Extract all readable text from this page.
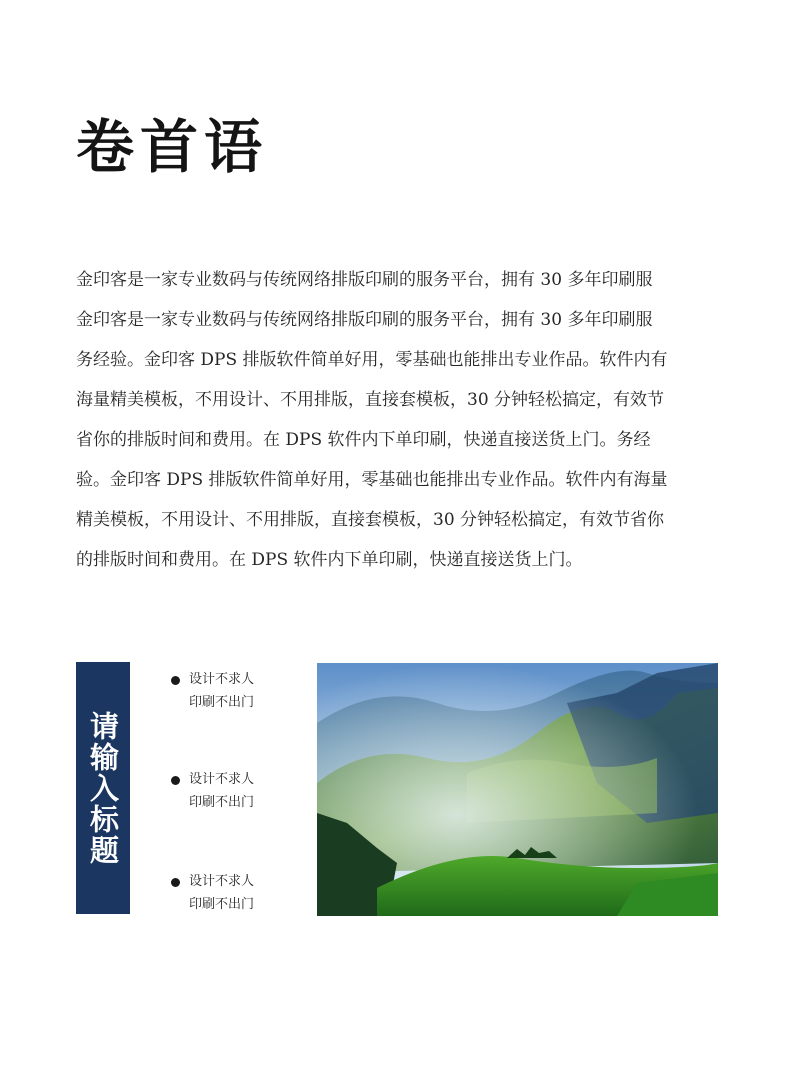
卷首语
金印客是一家专业数码与传统网络排版印刷的服务平台，拥有 30 多年印刷服
金印客是一家专业数码与传统网络排版印刷的服务平台，拥有 30 多年印刷服
务经验。金印客 DPS 排版软件简单好用，零基础也能排出专业作品。软件内有
海量精美模板，不用设计、不用排版，直接套模板，30 分钟轻松搞定，有效节
省你的排版时间和费用。在 DPS 软件内下单印刷，快递直接送货上门。务经
验。金印客 DPS 排版软件简单好用，零基础也能排出专业作品。软件内有海量
精美模板，不用设计、不用排版，直接套模板，30 分钟轻松搞定，有效节省你
的排版时间和费用。在 DPS 软件内下单印刷，快递直接送货上门。
请输入标题
设计不求人
印刷不出门
设计不求人
印刷不出门
设计不求人
印刷不出门
